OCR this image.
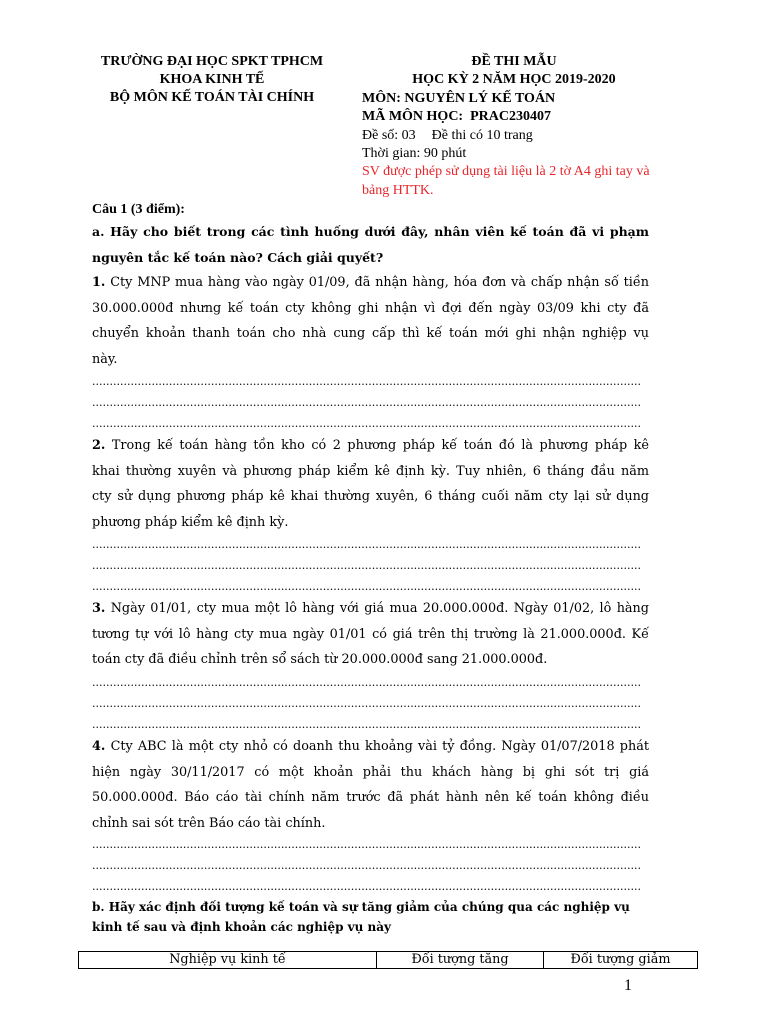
TRƯỜNG ĐẠI HỌC SPKT TPHCM
KHOA KINH TẾ
BỘ MÔN KẾ TOÁN TÀI CHÍNH
ĐỀ THI MẪU
HỌC KỲ 2 NĂM HỌC 2019-2020
MÔN: NGUYÊN LÝ KẾ TOÁN
MÃ MÔN HỌC:  PRAC230407
Đề số: 03 Đề thi có 10 trang
Thời gian: 90 phút
SV được phép sử dụng tài liệu là 2 tờ A4 ghi tay và
bảng HTTK.
Câu 1 (3 điểm):
a. Hãy cho biết trong các tình huống dưới đây, nhân viên kế toán đã vi phạm
nguyên tắc kế toán nào? Cách giải quyết?
1. Cty MNP mua hàng vào ngày 01/09, đã nhận hàng, hóa đơn và chấp nhận số tiền
30.000.000đ nhưng kế toán cty không ghi nhận vì đợi đến ngày 03/09 khi cty đã
chuyển khoản thanh toán cho nhà cung cấp thì kế toán mới ghi nhận nghiệp vụ
này.
.............................................................................................................................................................
.............................................................................................................................................................
.............................................................................................................................................................
2. Trong kế toán hàng tồn kho có 2 phương pháp kế toán đó là phương pháp kê
khai thường xuyên và phương pháp kiểm kê định kỳ. Tuy nhiên, 6 tháng đầu năm
cty sử dụng phương pháp kê khai thường xuyên, 6 tháng cuối năm cty lại sử dụng
phương pháp kiểm kê định kỳ.
.............................................................................................................................................................
.............................................................................................................................................................
.............................................................................................................................................................
3. Ngày 01/01, cty mua một lô hàng với giá mua 20.000.000đ. Ngày 01/02, lô hàng
tương tự với lô hàng cty mua ngày 01/01 có giá trên thị trường là 21.000.000đ. Kế
toán cty đã điều chỉnh trên sổ sách từ 20.000.000đ sang 21.000.000đ.
.............................................................................................................................................................
.............................................................................................................................................................
.............................................................................................................................................................
4. Cty ABC là một cty nhỏ có doanh thu khoảng vài tỷ đồng. Ngày 01/07/2018 phát
hiện ngày 30/11/2017 có một khoản phải thu khách hàng bị ghi sót trị giá
50.000.000đ. Báo cáo tài chính năm trước đã phát hành nên kế toán không điều
chỉnh sai sót trên Báo cáo tài chính.
.............................................................................................................................................................
.............................................................................................................................................................
.............................................................................................................................................................
b. Hãy xác định đối tượng kế toán và sự tăng giảm của chúng qua các nghiệp vụ
kinh tế sau và định khoản các nghiệp vụ này
Nghiệp vụ kinh tế	Đối tượng tăng	Đối tượng giảm
1
